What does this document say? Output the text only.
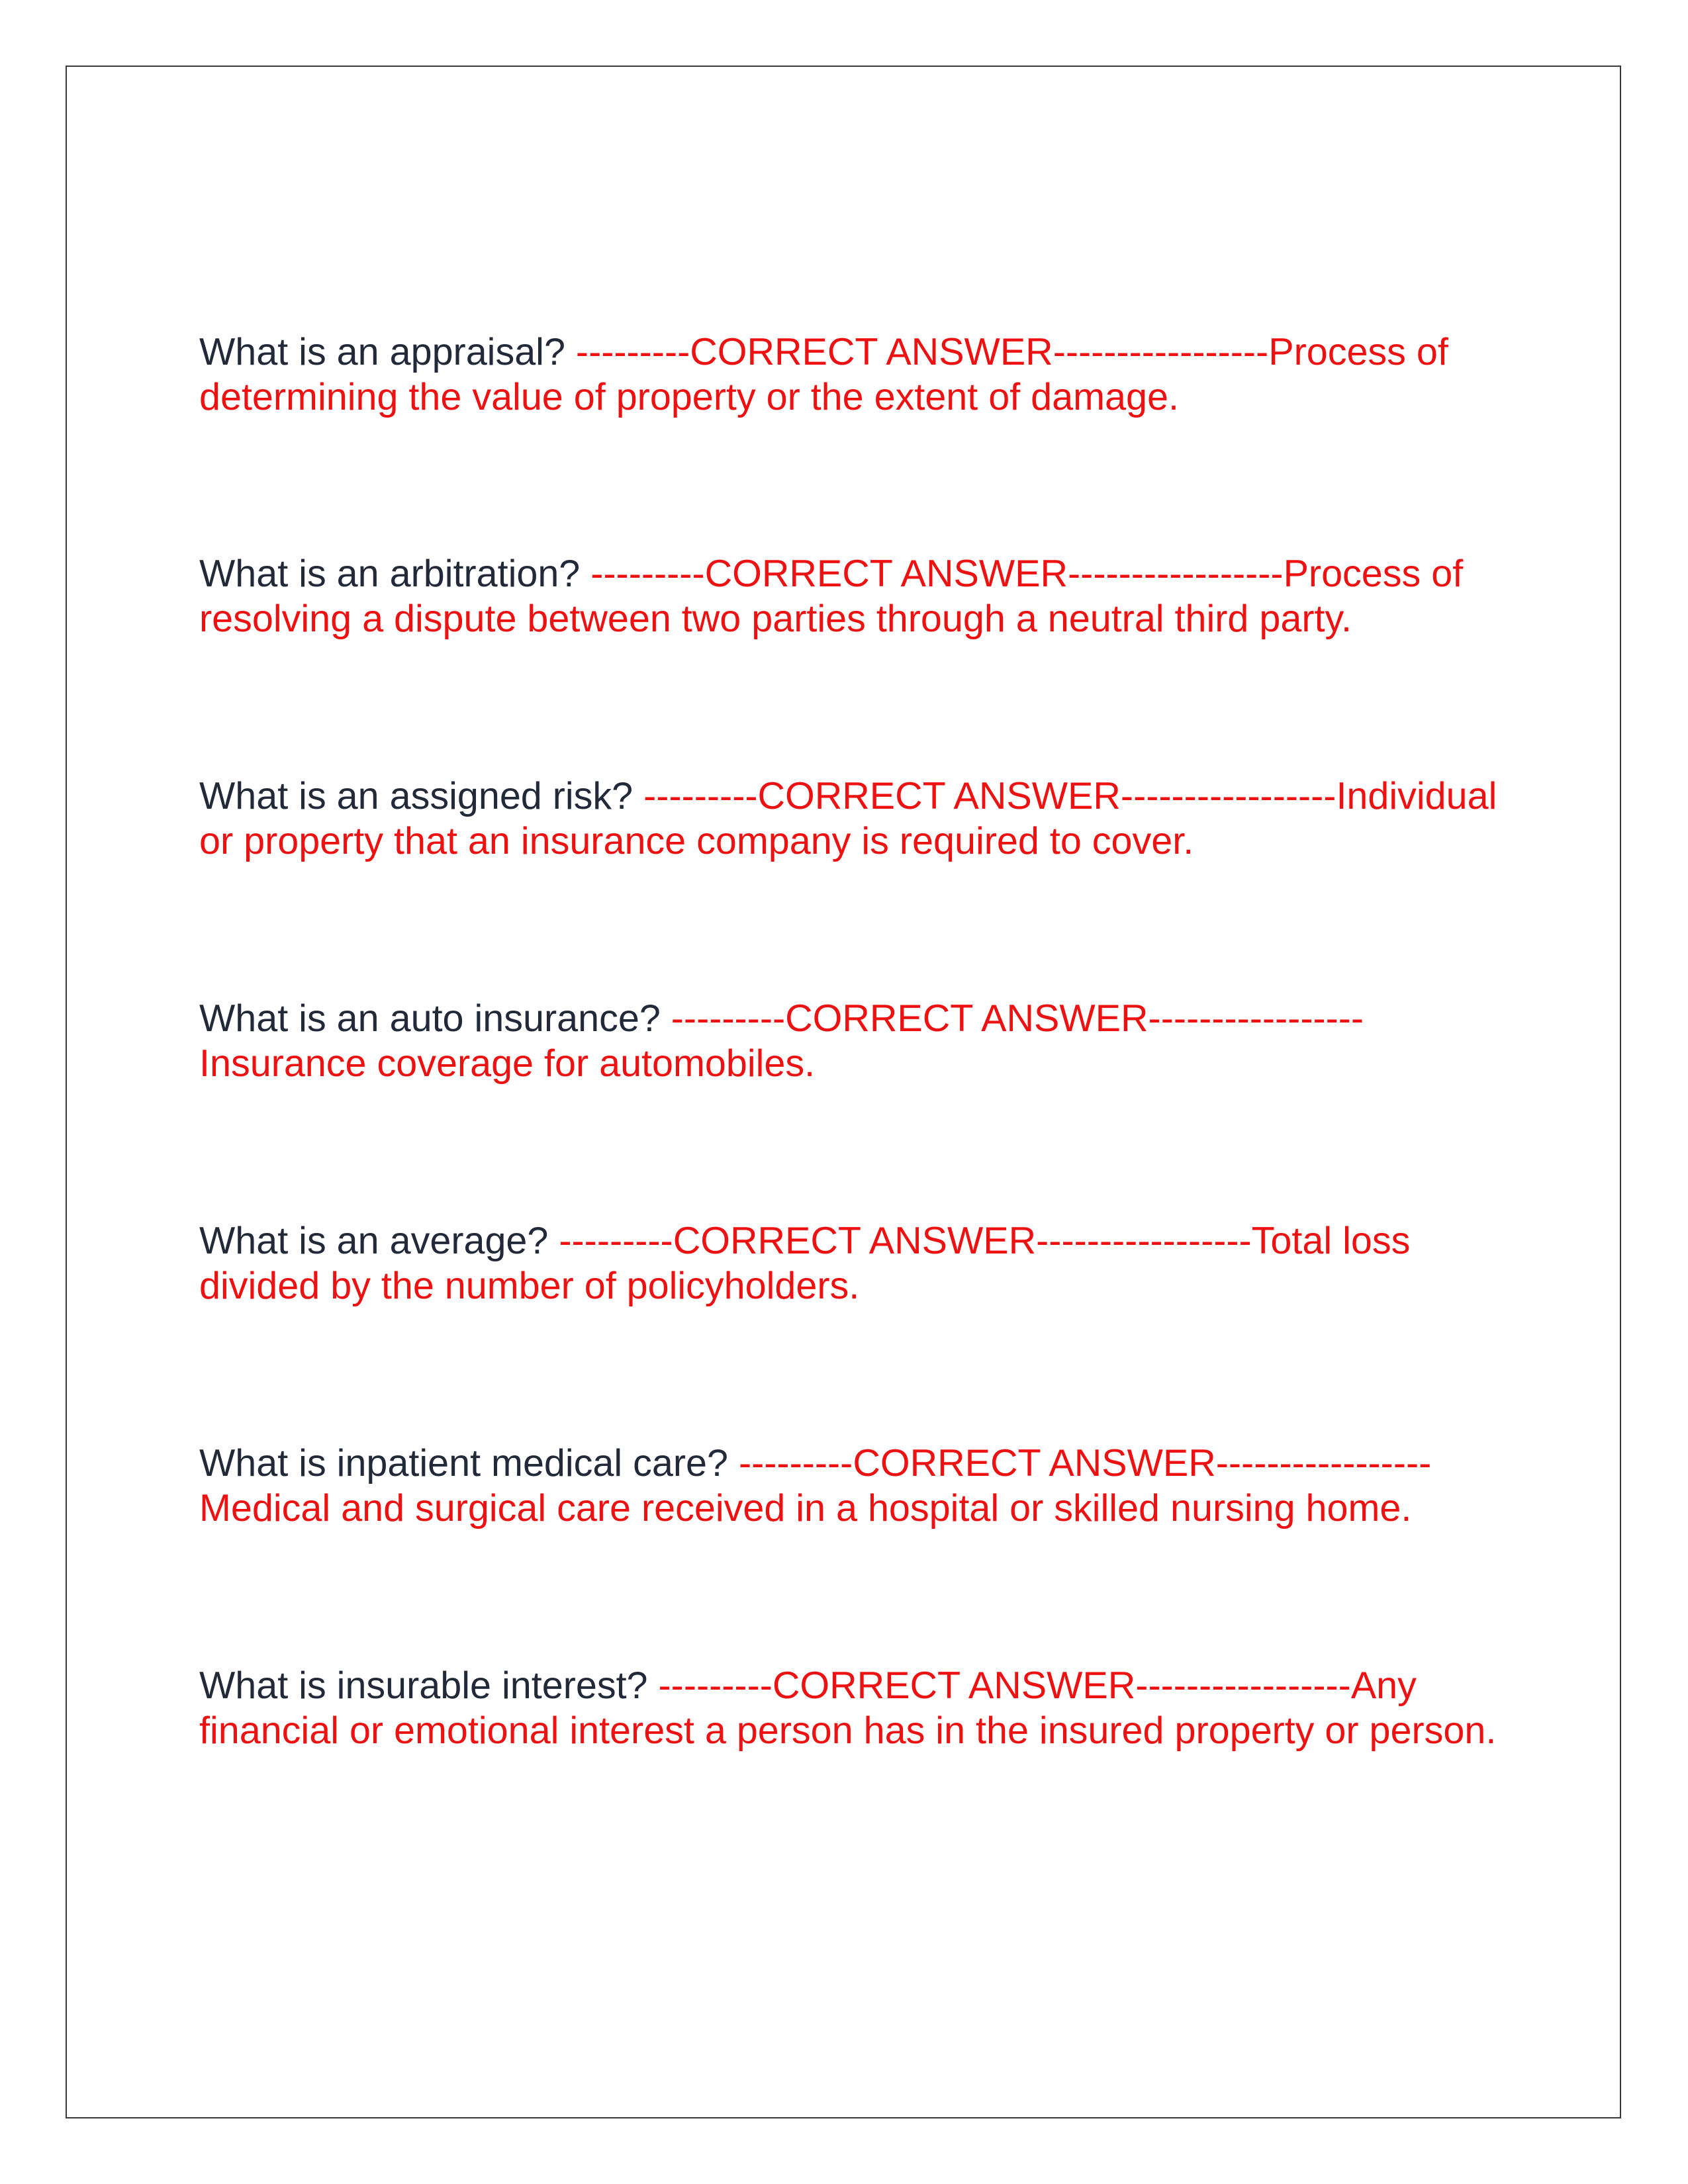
What is an appraisal? ---------CORRECT ANSWER-----------------Process of determining the value of property or the extent of damage.

What is an arbitration? ---------CORRECT ANSWER-----------------Process of resolving a dispute between two parties through a neutral third party.

What is an assigned risk? ---------CORRECT ANSWER-----------------Individual or property that an insurance company is required to cover.

What is an auto insurance? ---------CORRECT ANSWER-----------------Insurance coverage for automobiles.

What is an average? ---------CORRECT ANSWER-----------------Total loss divided by the number of policyholders.

What is inpatient medical care? ---------CORRECT ANSWER-----------------Medical and surgical care received in a hospital or skilled nursing home.

What is insurable interest? ---------CORRECT ANSWER-----------------Any financial or emotional interest a person has in the insured property or person.
